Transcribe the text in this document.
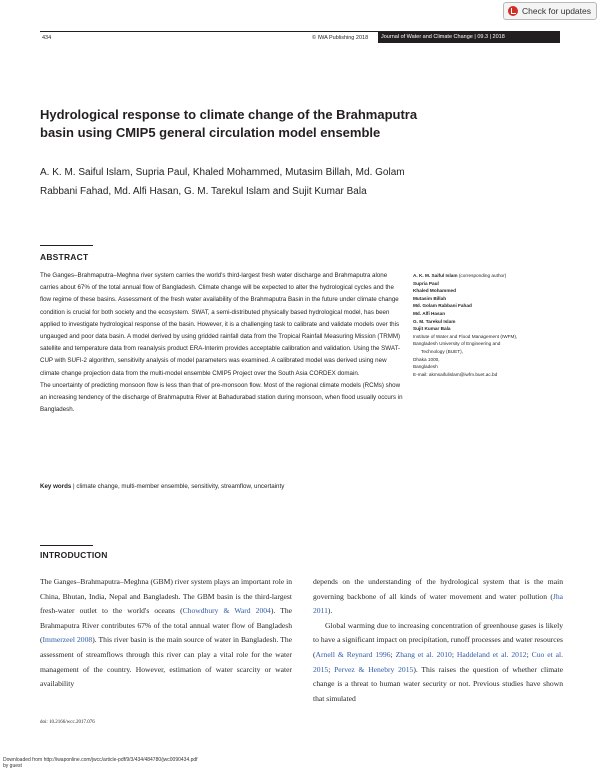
Check for updates
434	© IWA Publishing 2018	Journal of Water and Climate Change | 09.3 | 2018
Hydrological response to climate change of the Brahmaputra basin using CMIP5 general circulation model ensemble
A. K. M. Saiful Islam, Supria Paul, Khaled Mohammed, Mutasim Billah, Md. Golam Rabbani Fahad, Md. Alfi Hasan, G. M. Tarekul Islam and Sujit Kumar Bala
ABSTRACT

The Ganges–Brahmaputra–Meghna river system carries the world's third-largest fresh water discharge and Brahmaputra alone carries about 67% of the total annual flow of Bangladesh. Climate change will be expected to alter the hydrological cycles and the flow regime of these basins. Assessment of the fresh water availability of the Brahmaputra Basin in the future under climate change condition is crucial for both society and the ecosystem. SWAT, a semi-distributed physically based hydrological model, has been applied to investigate hydrological response of the basin. However, it is a challenging task to calibrate and validate models over this ungauged and poor data basin. A model derived by using gridded rainfall data from the Tropical Rainfall Measuring Mission (TRMM) satellite and temperature data from reanalysis product ERA-Interim provides acceptable calibration and validation. Using the SWAT-CUP with SUFI-2 algorithm, sensitivity analysis of model parameters was examined. A calibrated model was derived using new climate change projection data from the multi-model ensemble CMIP5 Project over the South Asia CORDEX domain.

The uncertainty of predicting monsoon flow is less than that of pre-monsoon flow. Most of the regional climate models (RCMs) show an increasing tendency of the discharge of Brahmaputra River at Bahadurabad station during monsoon, when flood usually occurs in Bangladesh.

Key words | climate change, multi-member ensemble, sensitivity, streamflow, uncertainty
A. K. M. Saiful Islam (corresponding author)
Supria Paul
Khaled Mohammed
Mutasim Billah
Md. Golam Rabbani Fahad
Md. Alfi Hasan
G. M. Tarekul Islam
Sujit Kumar Bala
Institute of Water and Flood Management (IWFM),
Bangladesh University of Engineering and
Technology (BUET),
Dhaka 1000,
Bangladesh
E-mail: akmsaifulislam@iwfm.buet.ac.bd
INTRODUCTION

The Ganges–Brahmaputra–Meghna (GBM) river system plays an important role in China, Bhutan, India, Nepal and Bangladesh. The GBM basin is the third-largest fresh-water outlet to the world's oceans (Chowdhury & Ward 2004). The Brahmaputra River contributes 67% of the total annual water flow of Bangladesh (Immerzeel 2008). This river basin is the main source of water in Bangladesh. The assessment of streamflows through this river can play a vital role for the water management of the country. However, estimation of water scarcity or water availability

depends on the understanding of the hydrological system that is the main governing backbone of all kinds of water movement and water pollution (Jha 2011).

Global warming due to increasing concentration of greenhouse gases is likely to have a significant impact on precipitation, runoff processes and water resources (Arnell & Reynard 1996; Zhang et al. 2010; Haddeland et al. 2012; Cuo et al. 2015; Pervez & Henebry 2015). This raises the question of whether climate change is a threat to human water security or not. Previous studies have shown that simulated

doi: 10.2166/wcc.2017.076
Downloaded from http://iwaponline.com/jwcc/article-pdf/9/3/434/484780/jwc0090434.pdf
by guest
